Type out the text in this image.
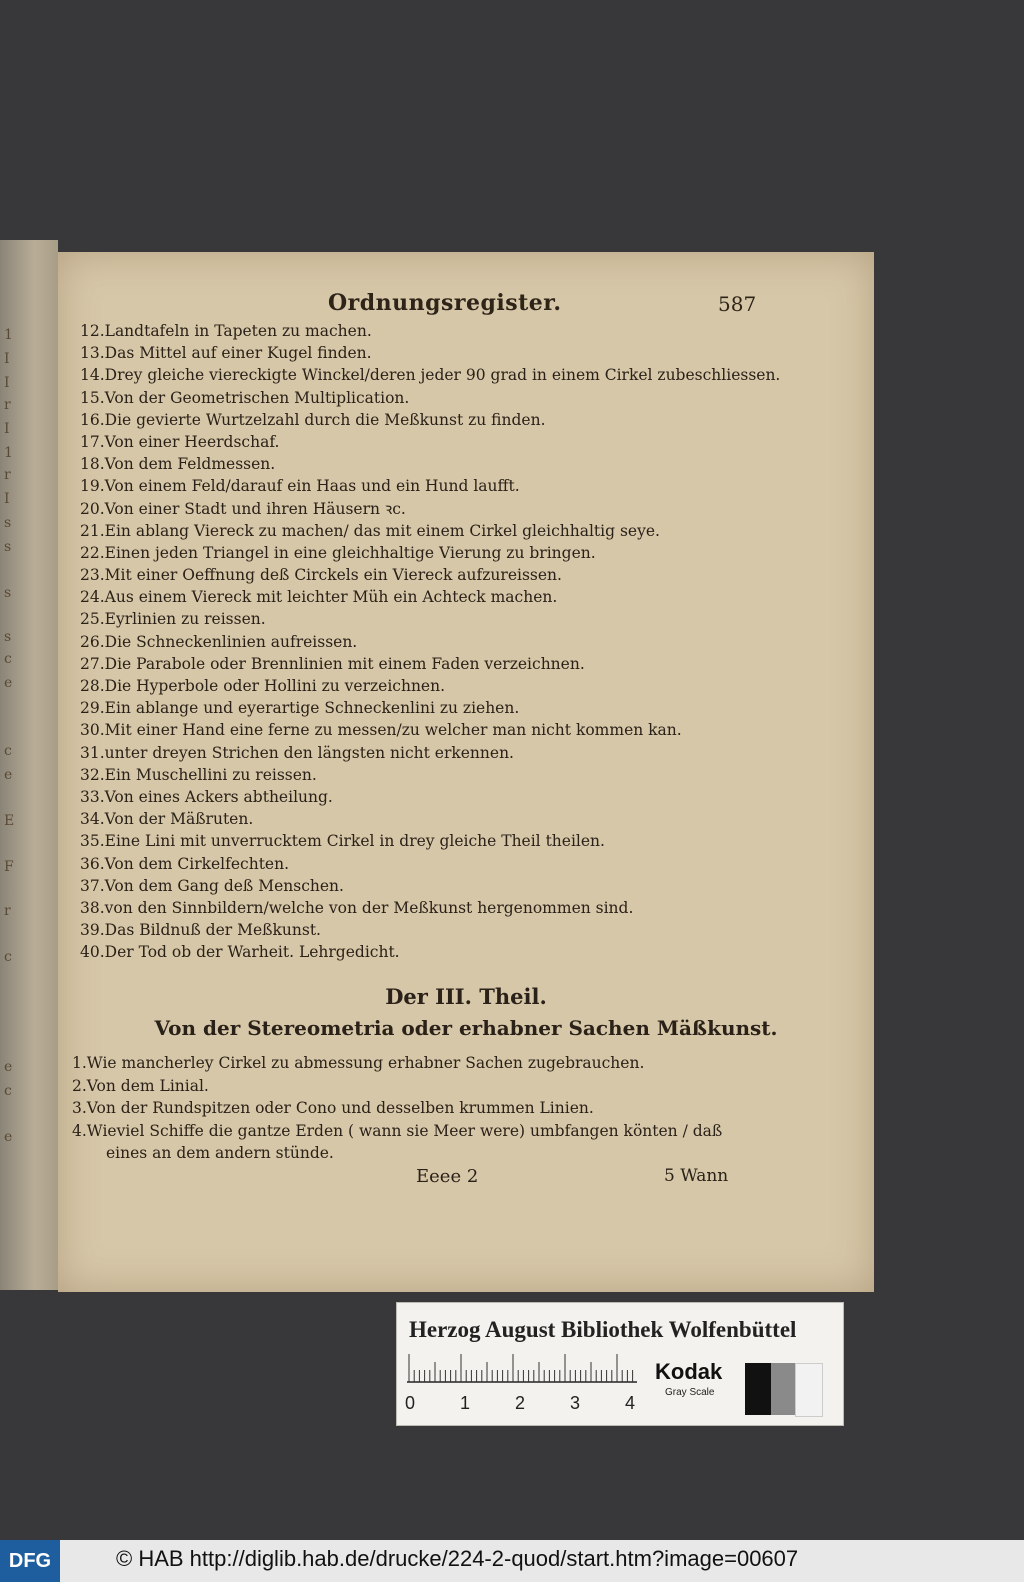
1
I
I
r
I
1
r
I
s
s
s
s
c
e
c
e
E
F
r
c
e
c
e
Ordnungsregister.	587
12.Landtafeln in Tapeten zu machen.
13.Das Mittel auf einer Kugel finden.
14.Drey gleiche viereckigte Winckel/deren jeder 90 grad in einem Cirkel zubeschliessen.
15.Von der Geometrischen Multiplication.
16.Die gevierte Wurtzelzahl durch die Meßkunst zu finden.
17.Von einer Heerdschaf.
18.Von dem Feldmessen.
19.Von einem Feld/darauf ein Haas und ein Hund laufft.
20.Von einer Stadt und ihren Häusern ꝛc.
21.Ein ablang Viereck zu machen/ das mit einem Cirkel gleichhaltig seye.
22.Einen jeden Triangel in eine gleichhaltige Vierung zu bringen.
23.Mit einer Oeffnung deß Circkels ein Viereck aufzureissen.
24.Aus einem Viereck mit leichter Müh ein Achteck machen.
25.Eyrlinien zu reissen.
26.Die Schneckenlinien aufreissen.
27.Die Parabole oder Brennlinien mit einem Faden verzeichnen.
28.Die Hyperbole oder Hollini zu verzeichnen.
29.Ein ablange und eyerartige Schneckenlini zu ziehen.
30.Mit einer Hand eine ferne zu messen/zu welcher man nicht kommen kan.
31.unter dreyen Strichen den längsten nicht erkennen.
32.Ein Muschellini zu reissen.
33.Von eines Ackers abtheilung.
34.Von der Mäßruten.
35.Eine Lini mit unverrucktem Cirkel in drey gleiche Theil theilen.
36.Von dem Cirkelfechten.
37.Von dem Gang deß Menschen.
38.von den Sinnbildern/welche von der Meßkunst hergenommen sind.
39.Das Bildnuß der Meßkunst.
40.Der Tod ob der Warheit. Lehrgedicht.
Der III. Theil.
Von der Stereometria oder erhabner Sachen Mäßkunst.
1.Wie mancherley Cirkel zu abmessung erhabner Sachen zugebrauchen.
2.Von dem Linial.
3.Von der Rundspitzen oder Cono und desselben krummen Linien.
4.Wieviel Schiffe die gantze Erden ( wann sie Meer were) umbfangen könten / daß
eines an dem andern stünde.
Eeee 2	5 Wann
Herzog August Bibliothek Wolfenbüttel
0 1 2 3 4
Kodak
Gray Scale
DFG	© HAB http://diglib.hab.de/drucke/224-2-quod/start.htm?image=00607
